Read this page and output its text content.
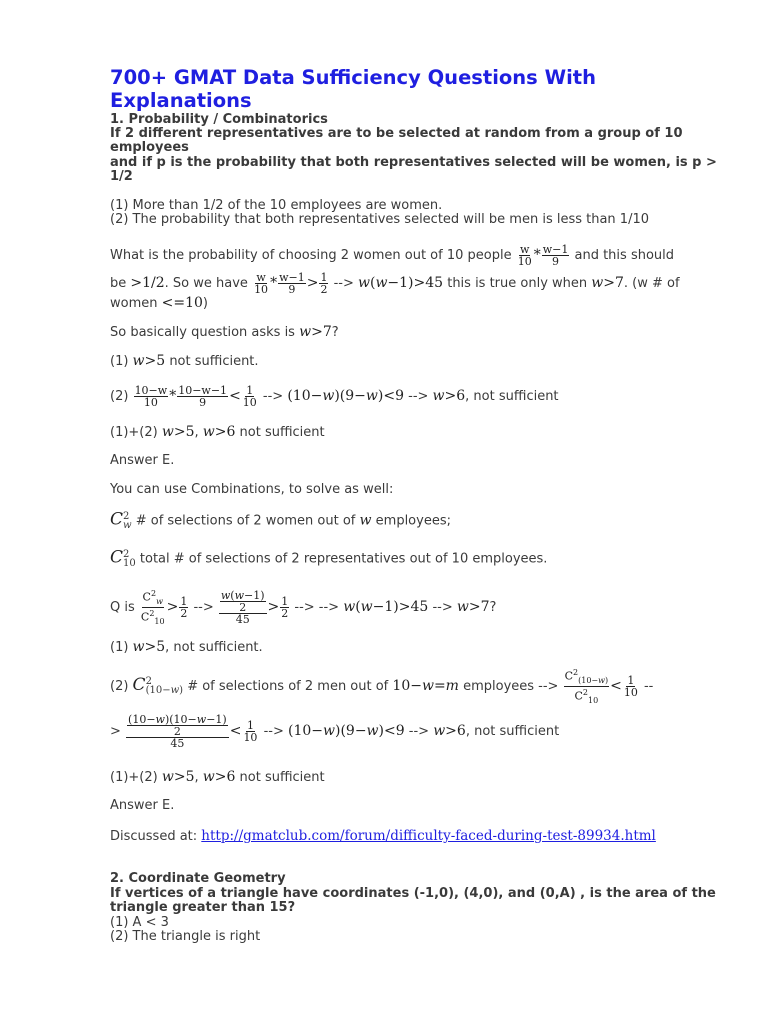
700+ GMAT Data Sufficiency Questions With Explanations
1. Probability / Combinatorics
If 2 different representatives are to be selected at random from a group of 10
employees
and if p is the probability that both representatives selected will be women, is p >
1/2
(1) More than 1/2 of the 10 employees are women.
(2) The probability that both representatives selected will be men is less than 1/10
What is the probability of choosing 2 women out of 10 people $\frac{w}{10} * \frac{w-1}{9}$ and this should
be >1/2. So we have $\frac{w}{10} * \frac{w-1}{9} > \frac{1}{2}$ --> w(w−1)>45 this is true only when w>7. (w # of
women <=10)
So basically question asks is w>7?
(1) w>5 not sufficient.
$(2) \frac{10-w}{10} * \frac{10-w-1}{9} < \frac{1}{10}$ --> (10−w)(9−w)<9 --> w>6, not sufficient
(1)+(2) w>5, w>6 not sufficient
Answer E.
You can use Combinations, to solve as well:
C 2
w # of selections of 2 women out of w employees;
C 2
10 total # of selections of 2 representatives out of 10 employees.
Q is $\frac{C^2_w}{C^2_{10}} > \frac{1}{2}$ --> $\frac{\frac{w(w-1)}{2}}{45} > \frac{1}{2}$ --> --> w(w−1)>45 --> w>7?
(1) w>5, not sufficient.
(2) C 2
(10−w) # of selections of 2 men out of 10−w=m employees --> $\frac{C^2_{(10-w)}}{C^2_{10}} < \frac{1}{10}$ --
> $\frac{\frac{(10-w)(10-w-1)}{2}}{45} < \frac{1}{10}$ --> (10−w)(9−w)<9 --> w>6, not sufficient
(1)+(2) w>5, w>6 not sufficient
Answer E.
Discussed at: http://gmatclub.com/forum/difficulty-faced-during-test-89934.html
2. Coordinate Geometry
If vertices of a triangle have coordinates (-1,0), (4,0), and (0,A) , is the area of the
triangle greater than 15?
(1) A < 3
(2) The triangle is right
